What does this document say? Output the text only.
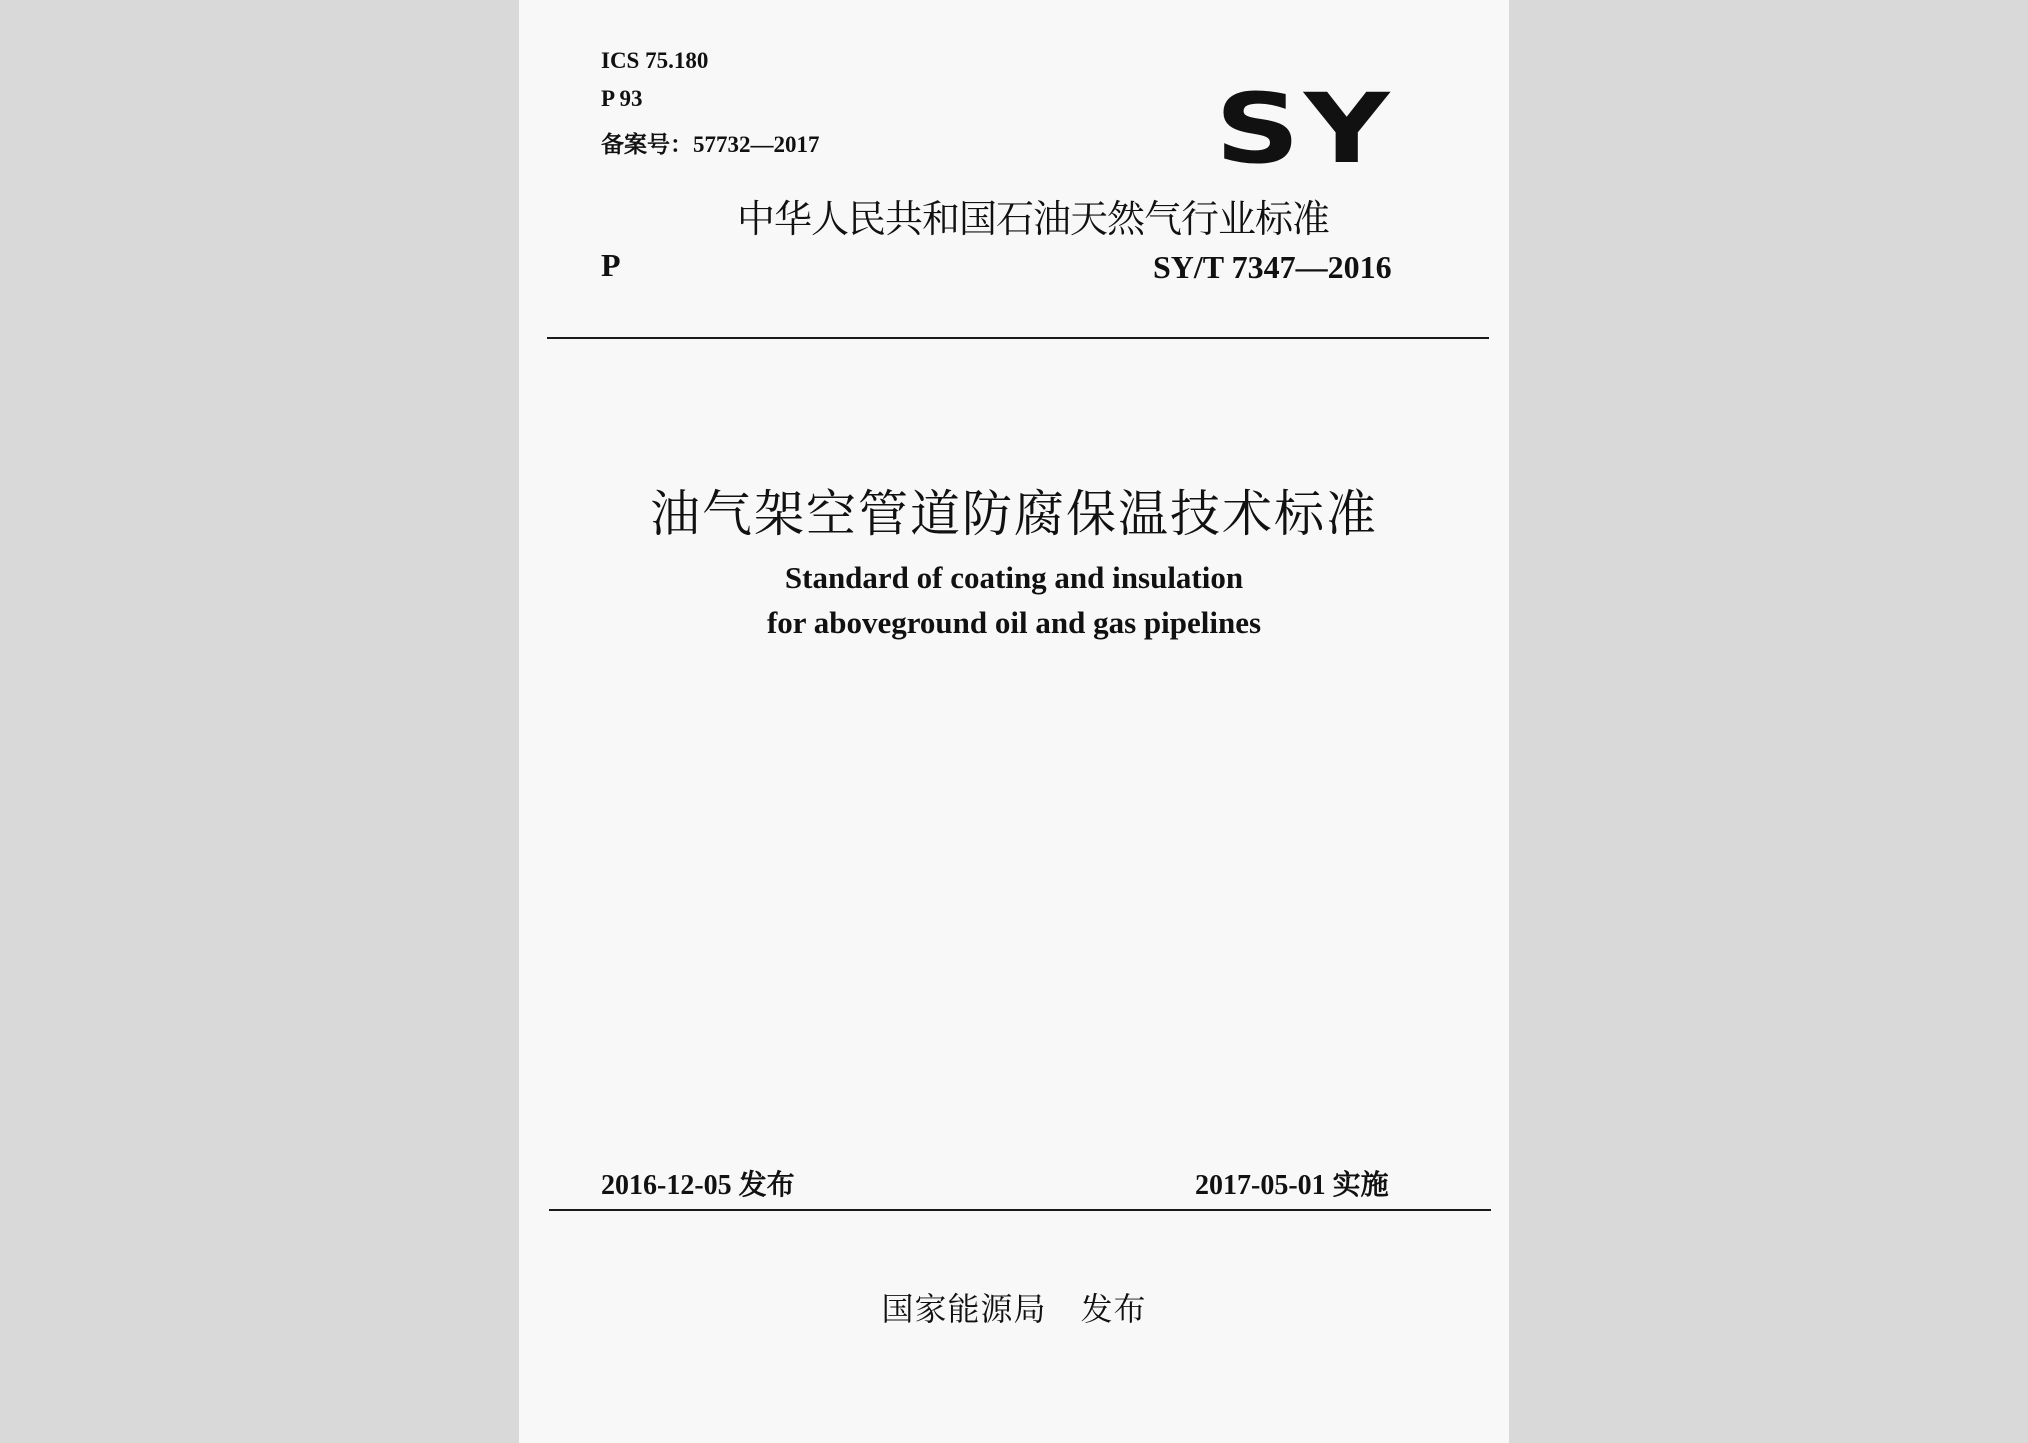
ICS 75.180
P 93
备案号：57732—2017	SY
中华人民共和国石油天然气行业标准
P	SY/T 7347—2016
油气架空管道防腐保温技术标准
Standard of coating and insulation
for aboveground oil and gas pipelines
2016-12-05 发布	2017-05-01 实施
国家能源局 发布
